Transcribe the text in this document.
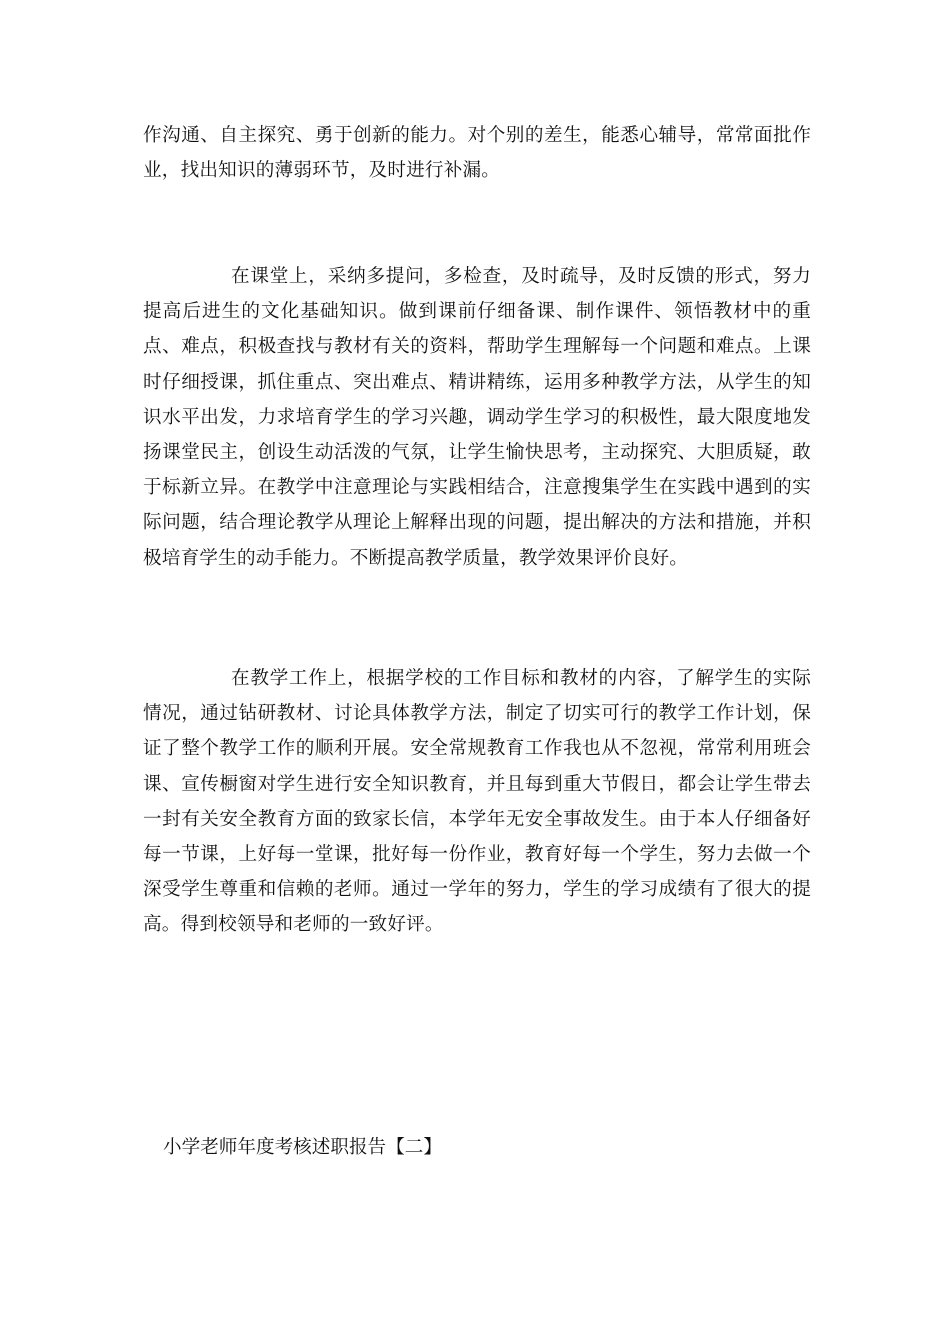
作沟通、自主探究、勇于创新的能力。对个别的差生，能悉心辅导，常常面批作业，找出知识的薄弱环节，及时进行补漏。

在课堂上，采纳多提问，多检查，及时疏导，及时反馈的形式，努力提高后进生的文化基础知识。做到课前仔细备课、制作课件、领悟教材中的重点、难点，积极查找与教材有关的资料，帮助学生理解每一个问题和难点。上课时仔细授课，抓住重点、突出难点、精讲精练，运用多种教学方法，从学生的知识水平出发，力求培育学生的学习兴趣，调动学生学习的积极性，最大限度地发扬课堂民主，创设生动活泼的气氛，让学生愉快思考，主动探究、大胆质疑，敢于标新立异。在教学中注意理论与实践相结合，注意搜集学生在实践中遇到的实际问题，结合理论教学从理论上解释出现的问题，提出解决的方法和措施，并积极培育学生的动手能力。不断提高教学质量，教学效果评价良好。

在教学工作上，根据学校的工作目标和教材的内容，了解学生的实际情况，通过钻研教材、讨论具体教学方法，制定了切实可行的教学工作计划，保证了整个教学工作的顺利开展。安全常规教育工作我也从不忽视，常常利用班会课、宣传橱窗对学生进行安全知识教育，并且每到重大节假日，都会让学生带去一封有关安全教育方面的致家长信，本学年无安全事故发生。由于本人仔细备好每一节课，上好每一堂课，批好每一份作业，教育好每一个学生，努力去做一个深受学生尊重和信赖的老师。通过一学年的努力，学生的学习成绩有了很大的提高。得到校领导和老师的一致好评。

小学老师年度考核述职报告【二】
